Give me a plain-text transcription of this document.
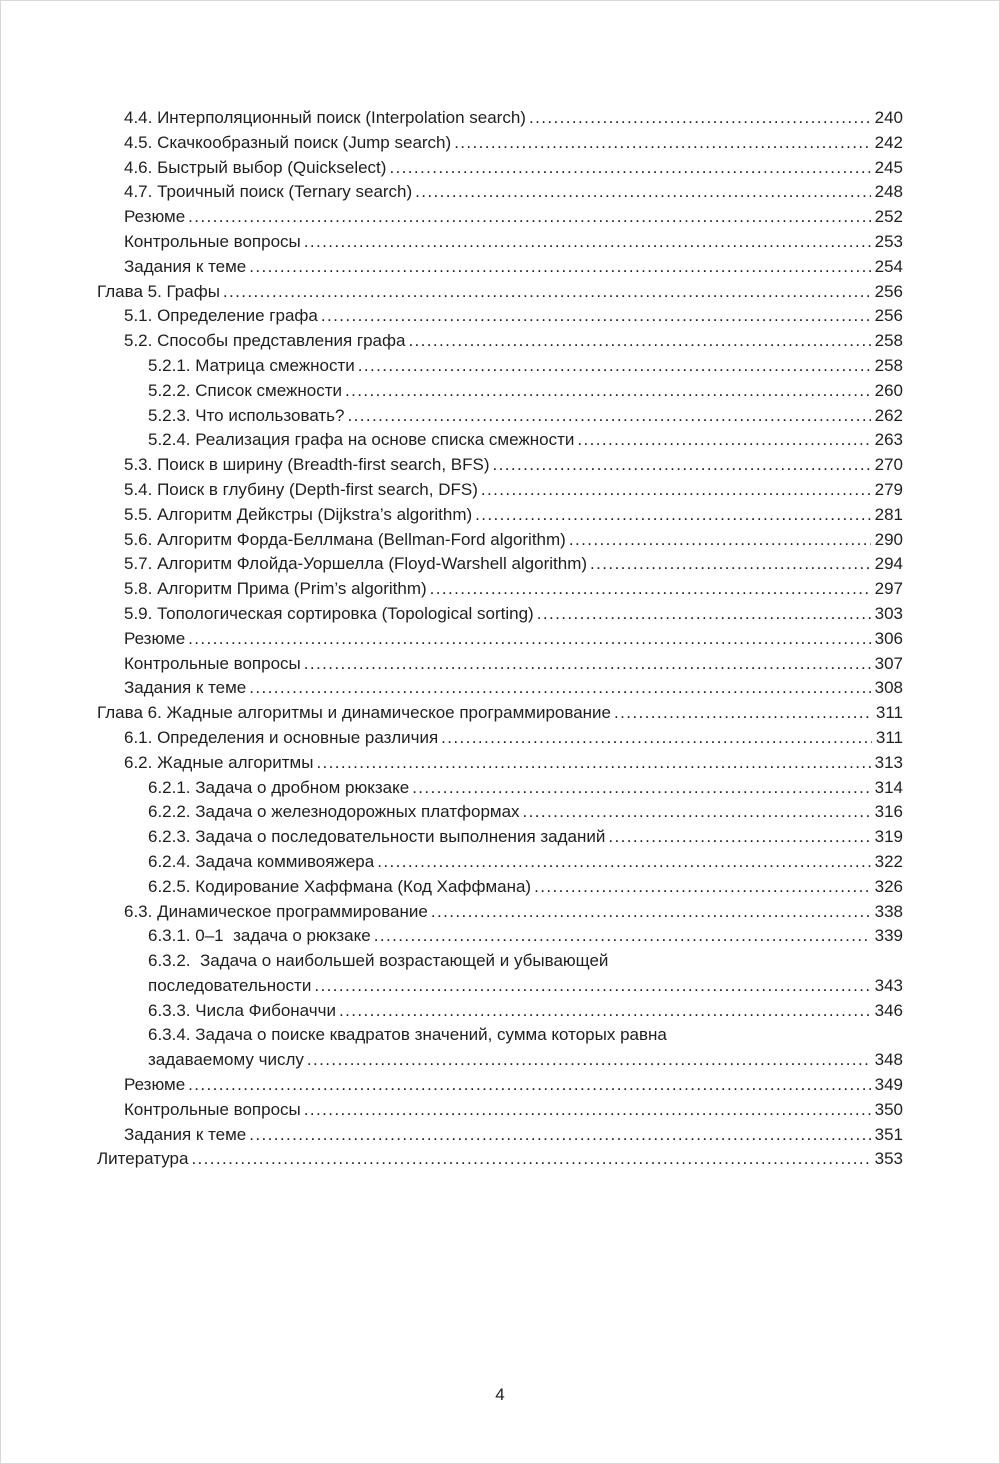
4.4. Интерполяционный поиск (Interpolation search) .....	240
4.5. Скачкообразный поиск (Jump search) .....	242
4.6. Быстрый выбор (Quickselect) .....	245
4.7. Троичный поиск (Ternary search) .....	248
Резюме .....	252
Контрольные вопросы .....	253
Задания к теме .....	254
Глава 5. Графы .....	256
5.1. Определение графа .....	256
5.2. Способы представления графа .....	258
5.2.1. Матрица смежности .....	258
5.2.2. Список смежности .....	260
5.2.3. Что использовать? .....	262
5.2.4. Реализация графа на основе списка смежности .....	263
5.3. Поиск в ширину (Breadth-first search, BFS) .....	270
5.4. Поиск в глубину (Depth-first search, DFS) .....	279
5.5. Алгоритм Дейкстры (Dijkstra’s algorithm) .....	281
5.6. Алгоритм Форда-Беллмана (Bellman-Ford algorithm) .....	290
5.7. Алгоритм Флойда-Уоршелла (Floyd-Warshell algorithm) .....	294
5.8. Алгоритм Прима (Prim’s algorithm) .....	297
5.9. Топологическая сортировка (Topological sorting) .....	303
Резюме .....	306
Контрольные вопросы .....	307
Задания к теме .....	308
Глава 6. Жадные алгоритмы и динамическое программирование .....	311
6.1. Определения и основные различия .....	311
6.2. Жадные алгоритмы .....	313
6.2.1. Задача о дробном рюкзаке .....	314
6.2.2. Задача о железнодорожных платформах .....	316
6.2.3. Задача о последовательности выполнения заданий .....	319
6.2.4. Задача коммивояжера .....	322
6.2.5. Кодирование Хаффмана (Код Хаффмана) .....	326
6.3. Динамическое программирование .....	338
6.3.1. 0–1  задача о рюкзаке .....	339
6.3.2.  Задача о наибольшей возрастающей и убывающей
последовательности .....	343
6.3.3. Числа Фибоначчи .....	346
6.3.4. Задача о поиске квадратов значений, сумма которых равна
задаваемому числу .....	348
Резюме .....	349
Контрольные вопросы .....	350
Задания к теме .....	351
Литература .....	353
4
